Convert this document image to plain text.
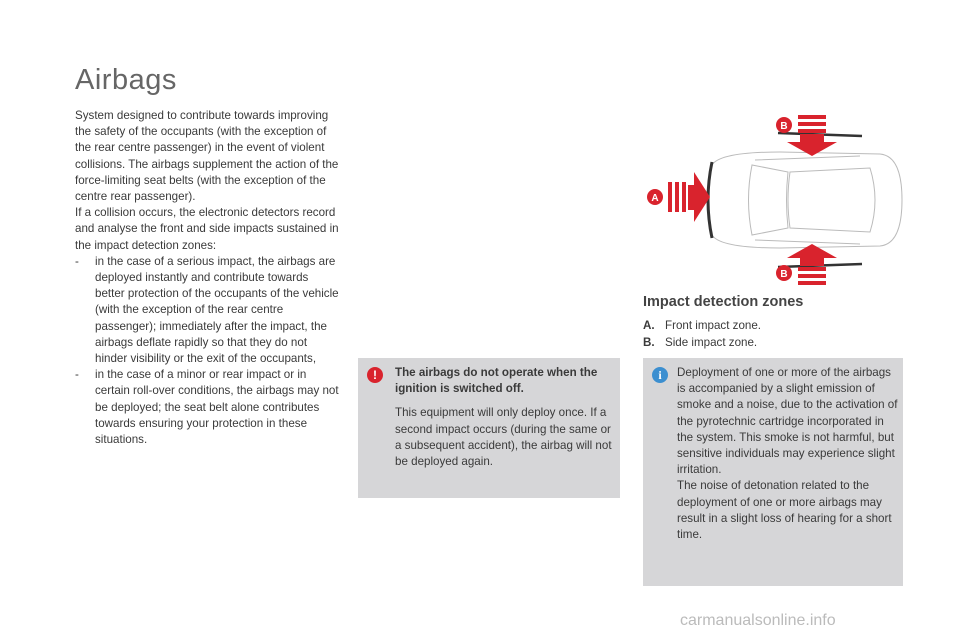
Airbags

System designed to contribute towards improving the safety of the occupants (with the exception of the rear centre passenger) in the event of violent collisions. The airbags supplement the action of the force-limiting seat belts (with the exception of the centre rear passenger).

If a collision occurs, the electronic detectors record and analyse the front and side impacts sustained in the impact detection zones:

-	in the case of a serious impact, the airbags are deployed instantly and contribute towards better protection of the occupants of the vehicle (with the exception of the rear centre passenger); immediately after the impact, the airbags deflate rapidly so that they do not hinder visibility or the exit of the occupants,
-	in the case of a minor or rear impact or in certain roll-over conditions, the airbags may not be deployed; the seat belt alone contributes towards ensuring your protection in these situations.
!	The airbags do not operate when the ignition is switched off.
This equipment will only deploy once. If a second impact occurs (during the same or a subsequent accident), the airbag will not be deployed again.
A
B
B
Impact detection zones
A. Front impact zone.
B. Side impact zone.
i	Deployment of one or more of the airbags is accompanied by a slight emission of smoke and a noise, due to the activation of the pyrotechnic cartridge incorporated in the system. This smoke is not harmful, but sensitive individuals may experience slight irritation.
The noise of detonation related to the deployment of one or more airbags may result in a slight loss of hearing for a short time.
carmanualsonline.info
